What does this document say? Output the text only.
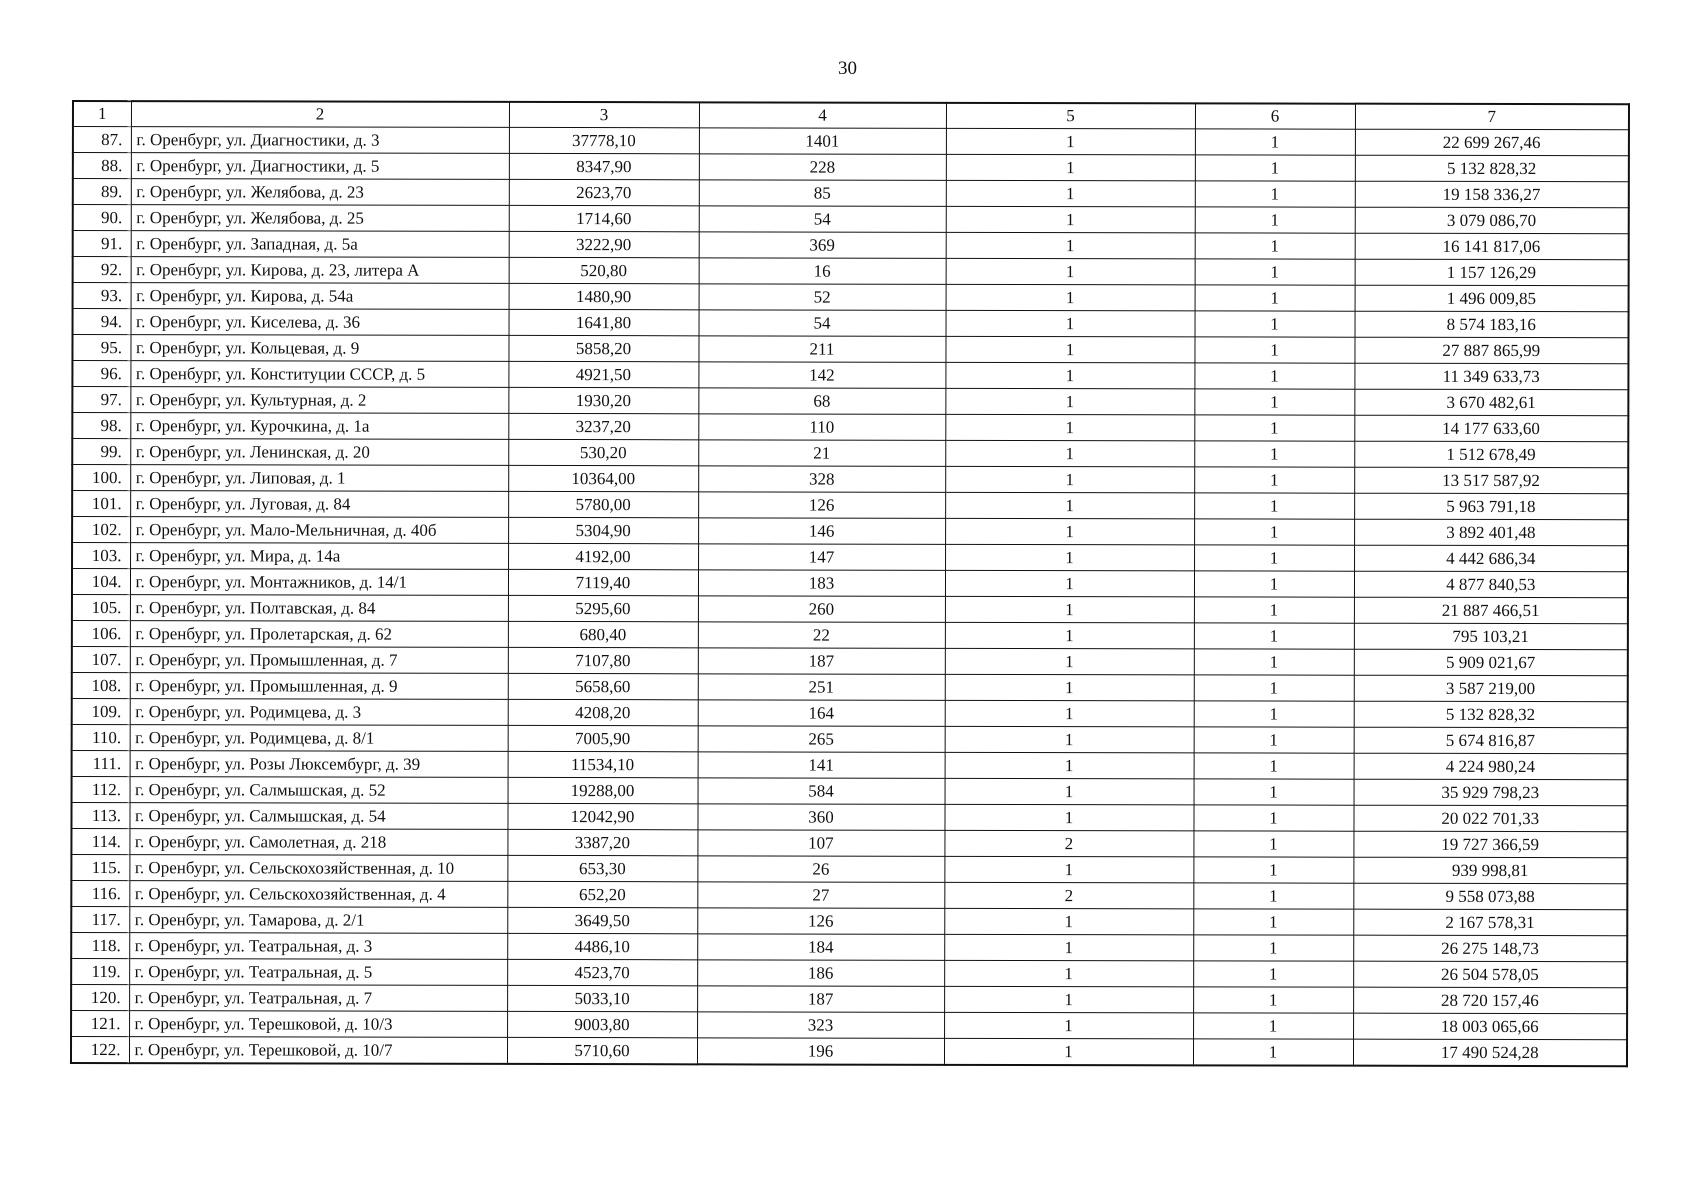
30
1	2	3	4	5	6	7
87.	г. Оренбург, ул. Диагностики, д. 3	37778,10	1401	1	1	22 699 267,46
88.	г. Оренбург, ул. Диагностики, д. 5	8347,90	228	1	1	5 132 828,32
89.	г. Оренбург, ул. Желябова, д. 23	2623,70	85	1	1	19 158 336,27
90.	г. Оренбург, ул. Желябова, д. 25	1714,60	54	1	1	3 079 086,70
91.	г. Оренбург, ул. Западная, д. 5а	3222,90	369	1	1	16 141 817,06
92.	г. Оренбург, ул. Кирова, д. 23, литера А	520,80	16	1	1	1 157 126,29
93.	г. Оренбург, ул. Кирова, д. 54а	1480,90	52	1	1	1 496 009,85
94.	г. Оренбург, ул. Киселева, д. 36	1641,80	54	1	1	8 574 183,16
95.	г. Оренбург, ул. Кольцевая, д. 9	5858,20	211	1	1	27 887 865,99
96.	г. Оренбург, ул. Конституции СССР, д. 5	4921,50	142	1	1	11 349 633,73
97.	г. Оренбург, ул. Культурная, д. 2	1930,20	68	1	1	3 670 482,61
98.	г. Оренбург, ул. Курочкина, д. 1а	3237,20	110	1	1	14 177 633,60
99.	г. Оренбург, ул. Ленинская, д. 20	530,20	21	1	1	1 512 678,49
100.	г. Оренбург, ул. Липовая, д. 1	10364,00	328	1	1	13 517 587,92
101.	г. Оренбург, ул. Луговая, д. 84	5780,00	126	1	1	5 963 791,18
102.	г. Оренбург, ул. Мало-Мельничная, д. 40б	5304,90	146	1	1	3 892 401,48
103.	г. Оренбург, ул. Мира, д. 14а	4192,00	147	1	1	4 442 686,34
104.	г. Оренбург, ул. Монтажников, д. 14/1	7119,40	183	1	1	4 877 840,53
105.	г. Оренбург, ул. Полтавская, д. 84	5295,60	260	1	1	21 887 466,51
106.	г. Оренбург, ул. Пролетарская, д. 62	680,40	22	1	1	795 103,21
107.	г. Оренбург, ул. Промышленная, д. 7	7107,80	187	1	1	5 909 021,67
108.	г. Оренбург, ул. Промышленная, д. 9	5658,60	251	1	1	3 587 219,00
109.	г. Оренбург, ул. Родимцева, д. 3	4208,20	164	1	1	5 132 828,32
110.	г. Оренбург, ул. Родимцева, д. 8/1	7005,90	265	1	1	5 674 816,87
111.	г. Оренбург, ул. Розы Люксембург, д. 39	11534,10	141	1	1	4 224 980,24
112.	г. Оренбург, ул. Салмышская, д. 52	19288,00	584	1	1	35 929 798,23
113.	г. Оренбург, ул. Салмышская, д. 54	12042,90	360	1	1	20 022 701,33
114.	г. Оренбург, ул. Самолетная, д. 218	3387,20	107	2	1	19 727 366,59
115.	г. Оренбург, ул. Сельскохозяйственная, д. 10	653,30	26	1	1	939 998,81
116.	г. Оренбург, ул. Сельскохозяйственная, д. 4	652,20	27	2	1	9 558 073,88
117.	г. Оренбург, ул. Тамарова, д. 2/1	3649,50	126	1	1	2 167 578,31
118.	г. Оренбург, ул. Театральная, д. 3	4486,10	184	1	1	26 275 148,73
119.	г. Оренбург, ул. Театральная, д. 5	4523,70	186	1	1	26 504 578,05
120.	г. Оренбург, ул. Театральная, д. 7	5033,10	187	1	1	28 720 157,46
121.	г. Оренбург, ул. Терешковой, д. 10/3	9003,80	323	1	1	18 003 065,66
122.	г. Оренбург, ул. Терешковой, д. 10/7	5710,60	196	1	1	17 490 524,28
